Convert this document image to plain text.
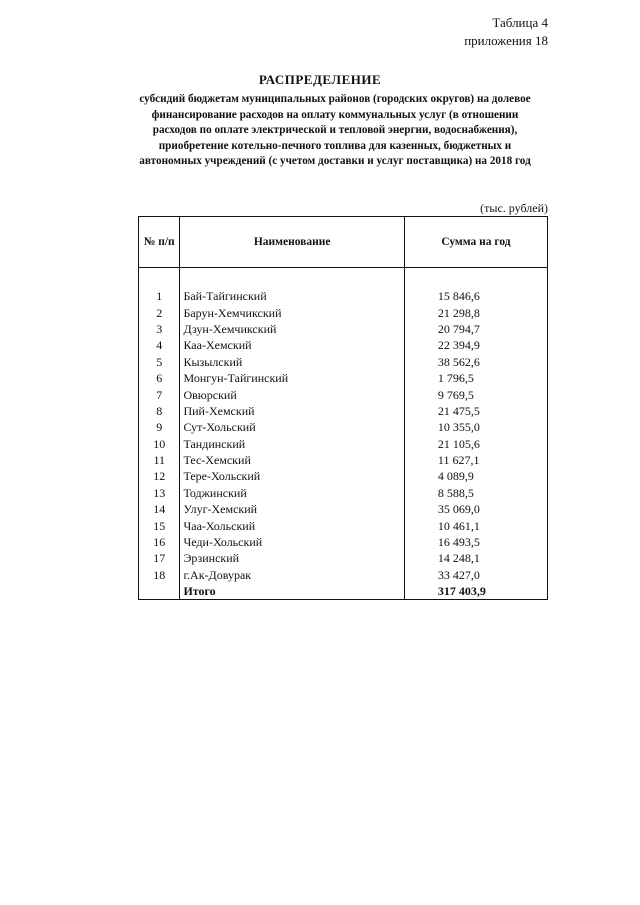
Таблица 4
приложения 18
РАСПРЕДЕЛЕНИЕ
субсидий бюджетам муниципальных районов (городских округов) на долевое финансирование расходов на оплату коммунальных услуг (в отношении расходов по оплате электрической и тепловой энергии, водоснабжения), приобретение котельно-печного топлива для казенных, бюджетных и автономных учреждений (с учетом доставки и услуг поставщика) на 2018 год
(тыс. рублей)
№ п/п	Наименование	Сумма на год

1	Бай-Тайгинский	15 846,6
2	Барун-Хемчикский	21 298,8
3	Дзун-Хемчикский	20 794,7
4	Каа-Хемский	22 394,9
5	Кызылский	38 562,6
6	Монгун-Тайгинский	1 796,5
7	Овюрский	9 769,5
8	Пий-Хемский	21 475,5
9	Сут-Хольский	10 355,0
10	Тандинский	21 105,6
11	Тес-Хемский	11 627,1
12	Тере-Хольский	4 089,9
13	Тоджинский	8 588,5
14	Улуг-Хемский	35 069,0
15	Чаа-Хольский	10 461,1
16	Чеди-Хольский	16 493,5
17	Эрзинский	14 248,1
18	г.Ак-Довурак	33 427,0
	Итого	317 403,9
